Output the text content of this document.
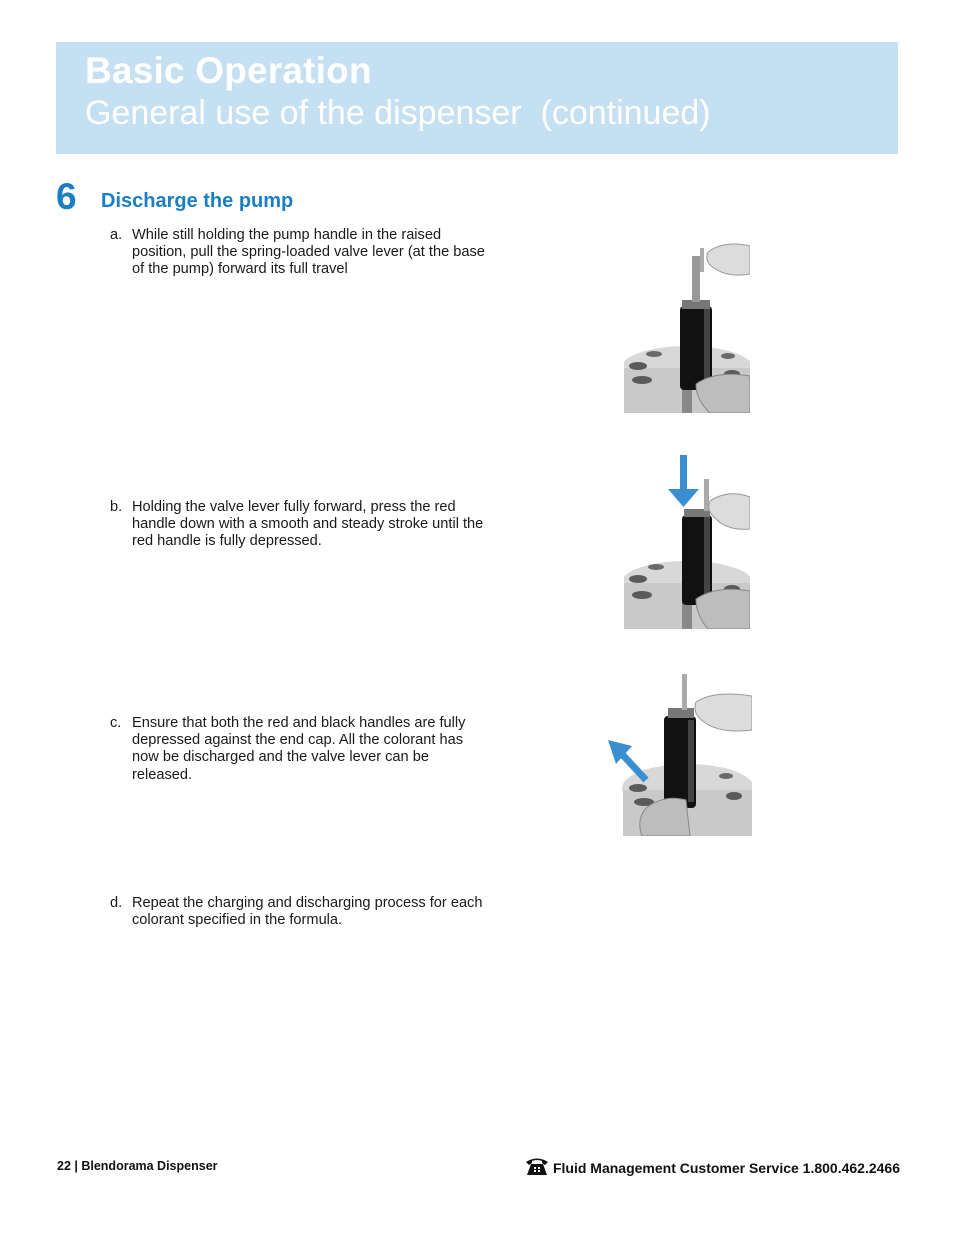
Basic Operation
General use of the dispenser  (continued)
6 Discharge the pump
a. While still holding the pump handle in the raised position, pull the spring-loaded valve lever (at the base of the pump) forward its full travel
b. Holding the valve lever fully forward, press the red handle down with a smooth and steady stroke until the red handle is fully depressed.
c. Ensure that both the red and black handles are fully depressed against the end cap. All the colorant has now be discharged and the valve lever can be released.
d. Repeat the charging and discharging process for each colorant specified in the formula.
22 | Blendorama Dispenser	Fluid Management Customer Service 1.800.462.2466
